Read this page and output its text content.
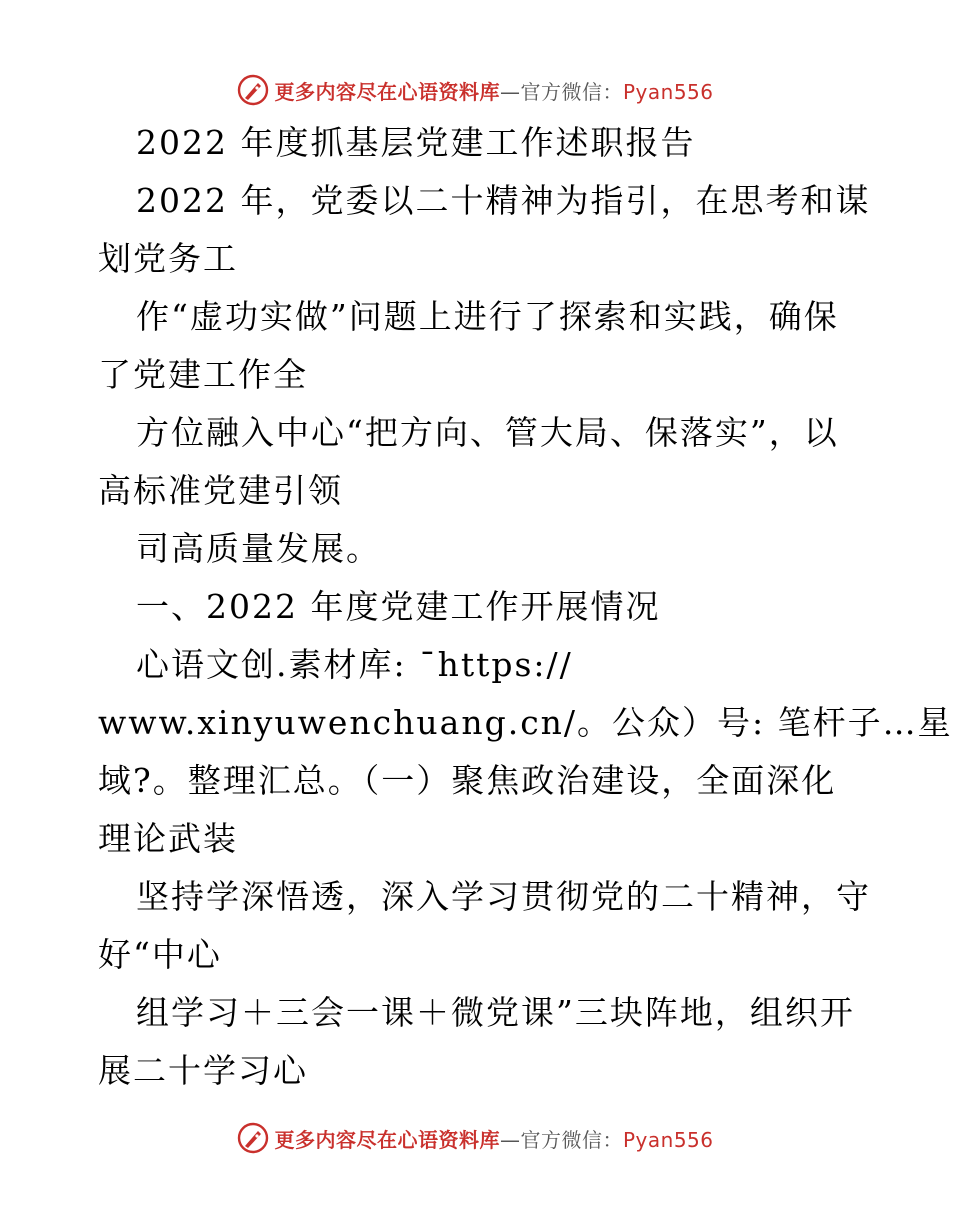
更多内容尽在心语资料库—官方微信：Pyan556
2022 年度抓基层党建工作述职报告
2022 年，党委以二十精神为指引，在思考和谋
划党务工
作“虚功实做”问题上进行了探索和实践，确保
了党建工作全
方位融入中心“把方向、管大局、保落实”，以
高标准党建引领
司高质量发展。
一、2022 年度党建工作开展情况
心语文创.素材库: ¯https://
www.xinyuwenchuang.cn/。公众）号: 笔杆子…星
域?。整理汇总。（一）聚焦政治建设，全面深化
理论武装
坚持学深悟透，深入学习贯彻党的二十精神，守
好“中心
组学习＋三会一课＋微党课”三块阵地，组织开
展二十学习心
更多内容尽在心语资料库—官方微信：Pyan556
